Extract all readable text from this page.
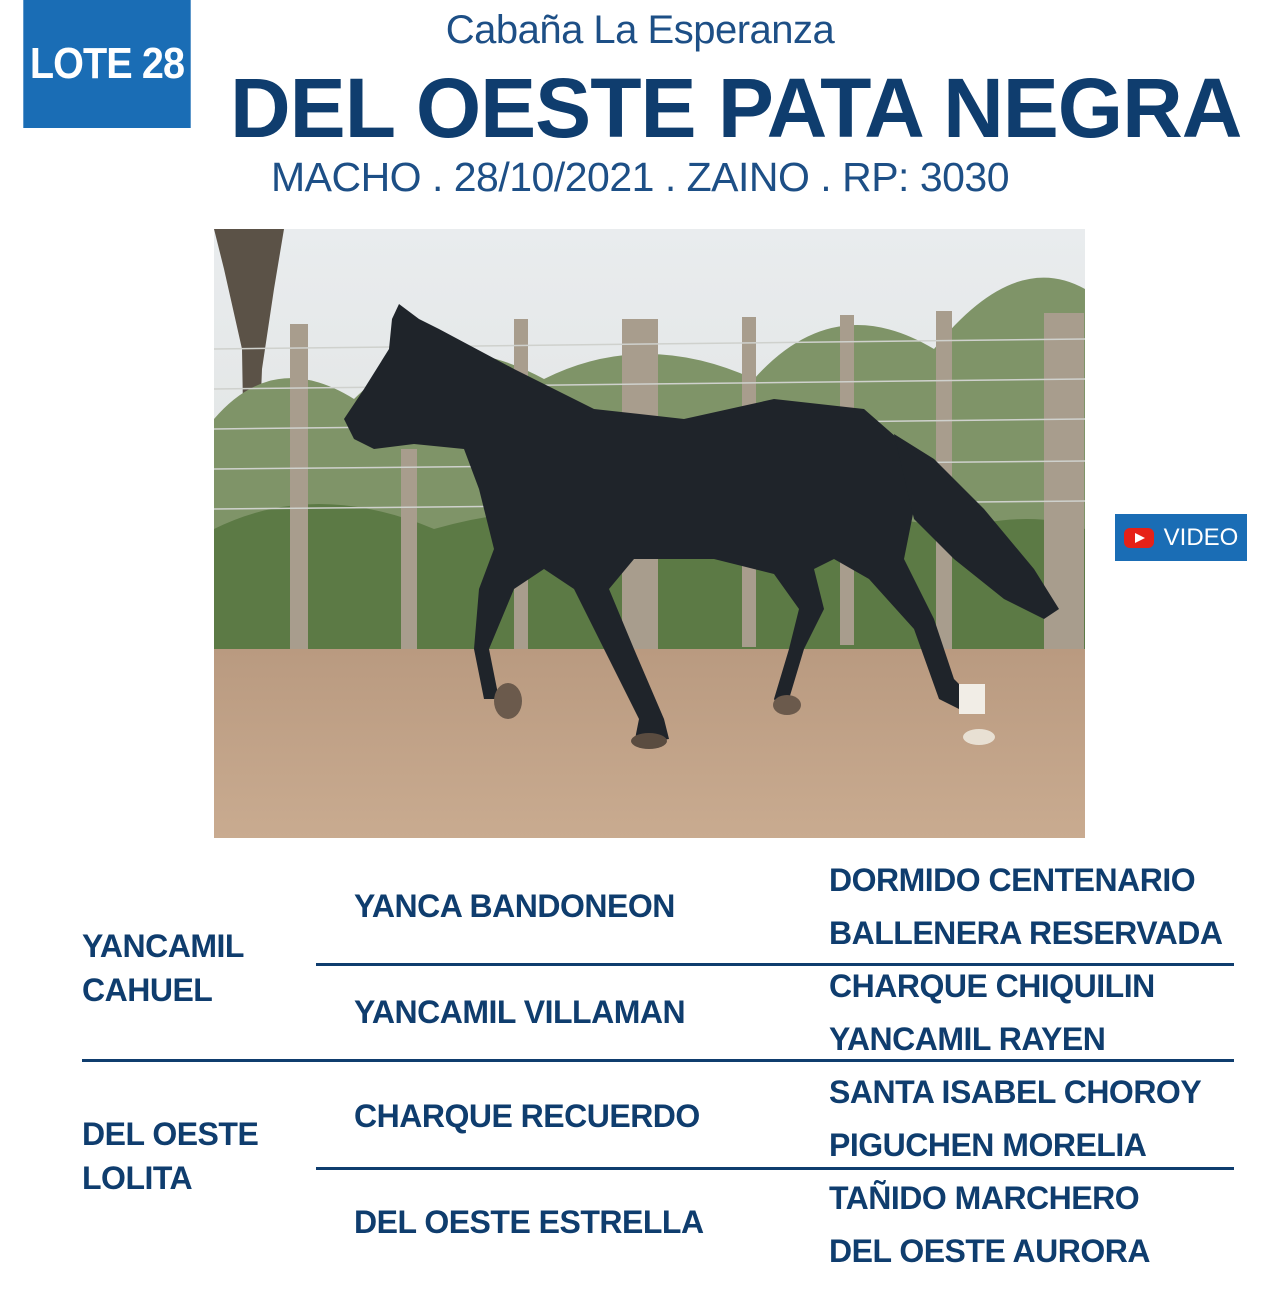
LOTE 28
Cabaña La Esperanza
DEL OESTE PATA NEGRA
MACHO . 28/10/2021 . ZAINO . RP: 3030
VIDEO
YANCAMIL CAHUEL
DEL OESTE LOLITA
YANCA BANDONEON
YANCAMIL VILLAMAN
CHARQUE RECUERDO
DEL OESTE ESTRELLA
DORMIDO CENTENARIO
BALLENERA RESERVADA
CHARQUE CHIQUILIN
YANCAMIL RAYEN
SANTA ISABEL CHOROY
PIGUCHEN MORELIA
TAÑIDO MARCHERO
DEL OESTE AURORA
